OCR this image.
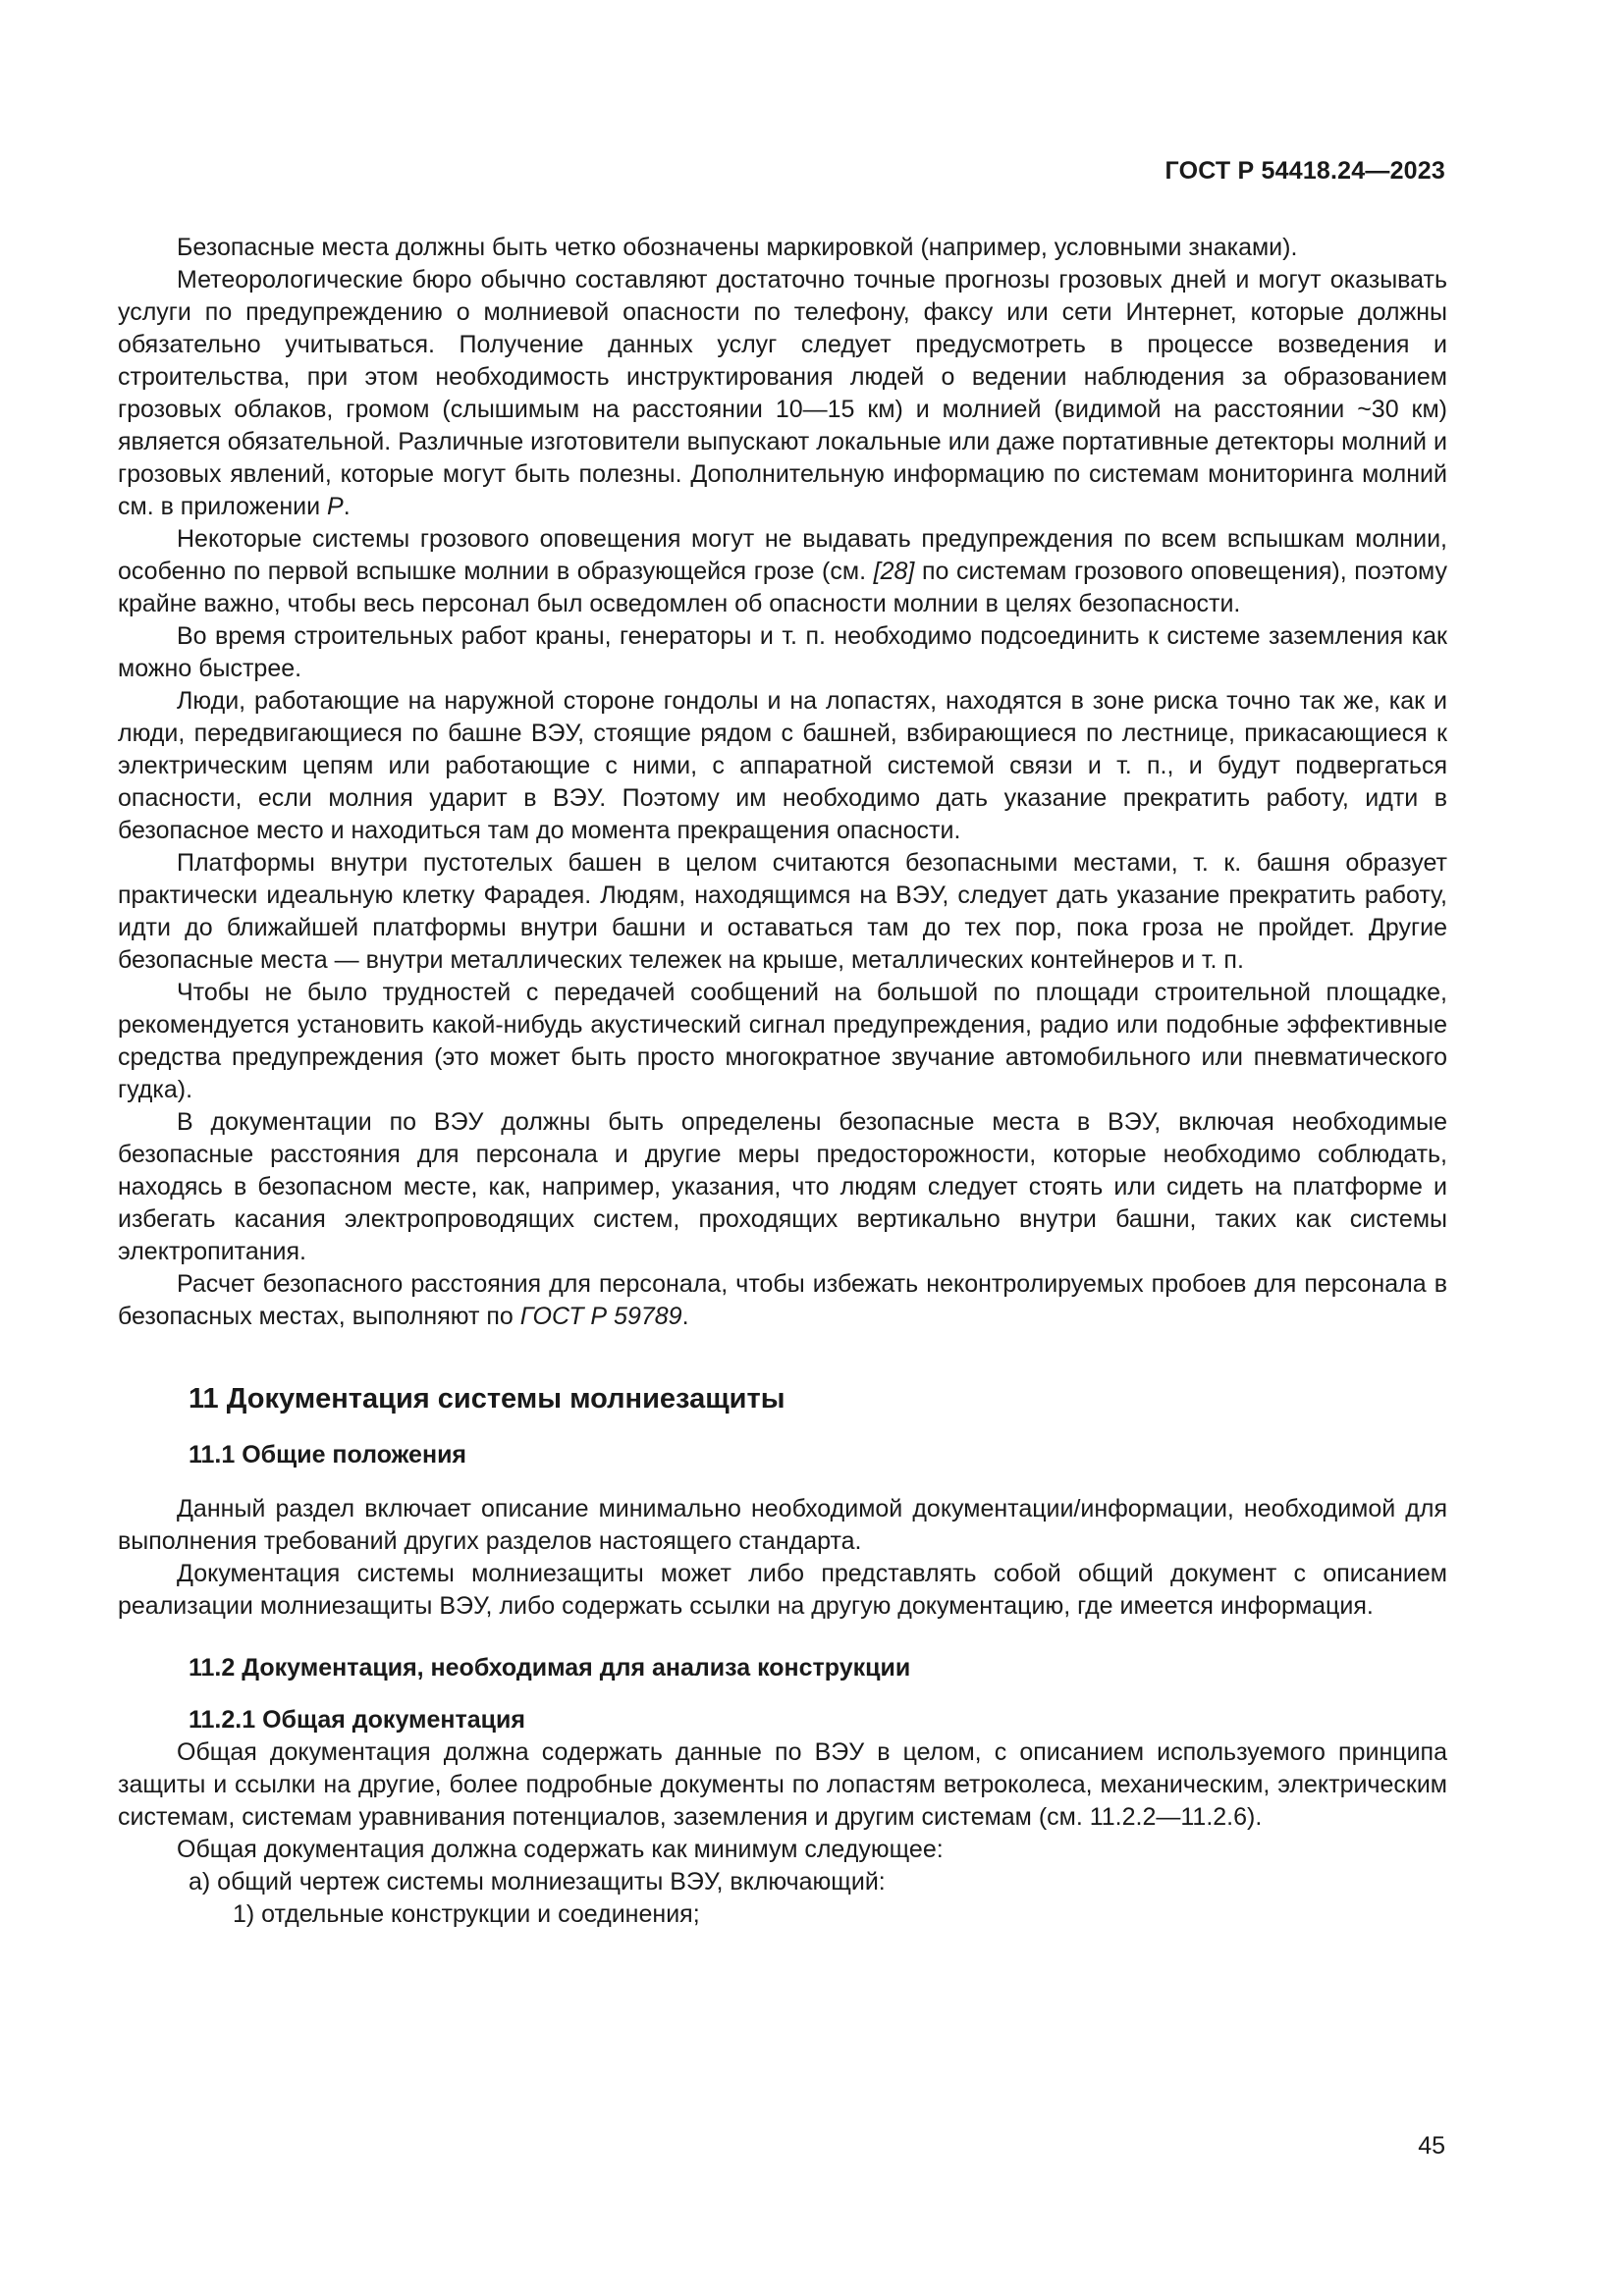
ГОСТ Р 54418.24—2023

Безопасные места должны быть четко обозначены маркировкой (например, условными знаками).

Метеорологические бюро обычно составляют достаточно точные прогнозы грозовых дней и могут оказывать услуги по предупреждению о молниевой опасности по телефону, факсу или сети Интернет, которые должны обязательно учитываться. Получение данных услуг следует предусмотреть в процессе возведения и строительства, при этом необходимость инструктирования людей о ведении наблюдения за образованием грозовых облаков, громом (слышимым на расстоянии 10—15 км) и молнией (видимой на расстоянии ~30 км) является обязательной. Различные изготовители выпускают локальные или даже портативные детекторы молний и грозовых явлений, которые могут быть полезны. Дополнительную информацию по системам мониторинга молний см. в приложении Р.

Некоторые системы грозового оповещения могут не выдавать предупреждения по всем вспышкам молнии, особенно по первой вспышке молнии в образующейся грозе (см. [28] по системам грозового оповещения), поэтому крайне важно, чтобы весь персонал был осведомлен об опасности молнии в целях безопасности.

Во время строительных работ краны, генераторы и т. п. необходимо подсоединить к системе заземления как можно быстрее.

Люди, работающие на наружной стороне гондолы и на лопастях, находятся в зоне риска точно так же, как и люди, передвигающиеся по башне ВЭУ, стоящие рядом с башней, взбирающиеся по лестнице, прикасающиеся к электрическим цепям или работающие с ними, с аппаратной системой связи и т. п., и будут подвергаться опасности, если молния ударит в ВЭУ. Поэтому им необходимо дать указание прекратить работу, идти в безопасное место и находиться там до момента прекращения опасности.

Платформы внутри пустотелых башен в целом считаются безопасными местами, т. к. башня образует практически идеальную клетку Фарадея. Людям, находящимся на ВЭУ, следует дать указание прекратить работу, идти до ближайшей платформы внутри башни и оставаться там до тех пор, пока гроза не пройдет. Другие безопасные места — внутри металлических тележек на крыше, металлических контейнеров и т. п.

Чтобы не было трудностей с передачей сообщений на большой по площади строительной площадке, рекомендуется установить какой-нибудь акустический сигнал предупреждения, радио или подобные эффективные средства предупреждения (это может быть просто многократное звучание автомобильного или пневматического гудка).

В документации по ВЭУ должны быть определены безопасные места в ВЭУ, включая необходимые безопасные расстояния для персонала и другие меры предосторожности, которые необходимо соблюдать, находясь в безопасном месте, как, например, указания, что людям следует стоять или сидеть на платформе и избегать касания электропроводящих систем, проходящих вертикально внутри башни, таких как системы электропитания.

Расчет безопасного расстояния для персонала, чтобы избежать неконтролируемых пробоев для персонала в безопасных местах, выполняют по ГОСТ Р 59789.

11 Документация системы молниезащиты
11.1 Общие положения

Данный раздел включает описание минимально необходимой документации/информации, необходимой для выполнения требований других разделов настоящего стандарта.

Документация системы молниезащиты может либо представлять собой общий документ с описанием реализации молниезащиты ВЭУ, либо содержать ссылки на другую документацию, где имеется информация.

11.2 Документация, необходимая для анализа конструкции
11.2.1 Общая документация

Общая документация должна содержать данные по ВЭУ в целом, с описанием используемого принципа защиты и ссылки на другие, более подробные документы по лопастям ветроколеса, механическим, электрическим системам, системам уравнивания потенциалов, заземления и другим системам (см. 11.2.2—11.2.6).

Общая документация должна содержать как минимум следующее:

а) общий чертеж системы молниезащиты ВЭУ, включающий:

1) отдельные конструкции и соединения;

45
